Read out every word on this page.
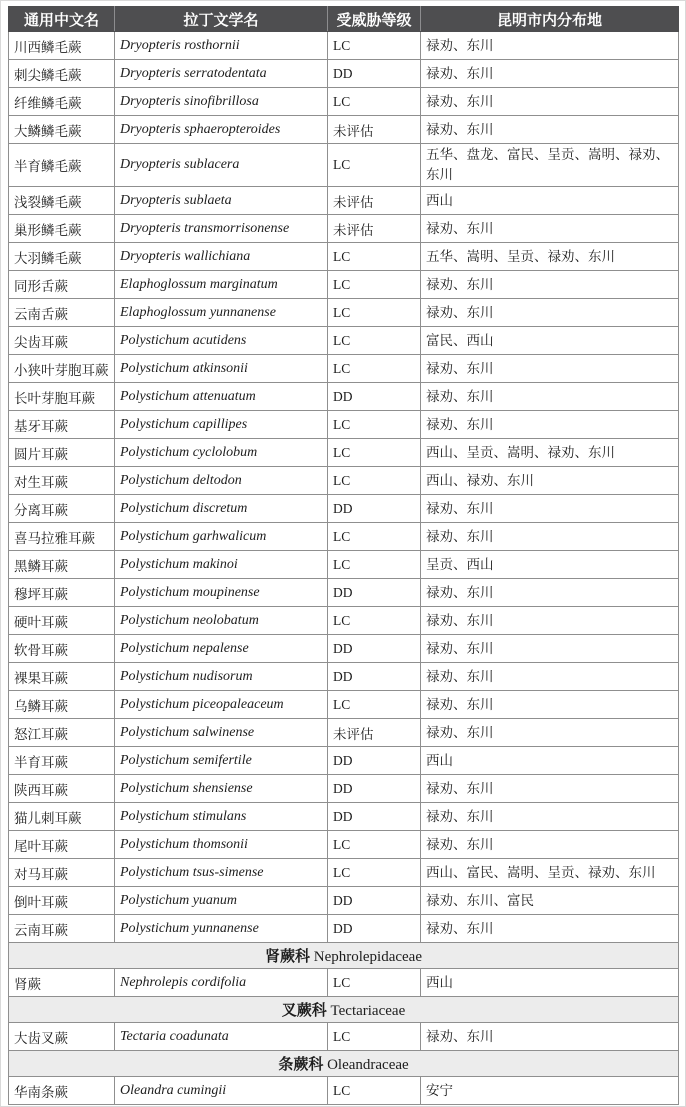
通用中文名	拉丁文学名	受威胁等级	昆明市内分布地
川西鳞毛蕨	Dryopteris rosthornii	LC	禄劝、东川
刺尖鳞毛蕨	Dryopteris serratodentata	DD	禄劝、东川
纤维鳞毛蕨	Dryopteris sinofibrillosa	LC	禄劝、东川
大鳞鳞毛蕨	Dryopteris sphaeropteroides	未评估	禄劝、东川
半育鳞毛蕨	Dryopteris sublacera	LC	五华、盘龙、富民、呈贡、嵩明、禄劝、东川
浅裂鳞毛蕨	Dryopteris sublaeta	未评估	西山
巢形鳞毛蕨	Dryopteris transmorrisonense	未评估	禄劝、东川
大羽鳞毛蕨	Dryopteris wallichiana	LC	五华、嵩明、呈贡、禄劝、东川
同形舌蕨	Elaphoglossum marginatum	LC	禄劝、东川
云南舌蕨	Elaphoglossum yunnanense	LC	禄劝、东川
尖齿耳蕨	Polystichum acutidens	LC	富民、西山
小狭叶芽胞耳蕨	Polystichum atkinsonii	LC	禄劝、东川
长叶芽胞耳蕨	Polystichum attenuatum	DD	禄劝、东川
基牙耳蕨	Polystichum capillipes	LC	禄劝、东川
圆片耳蕨	Polystichum cyclolobum	LC	西山、呈贡、嵩明、禄劝、东川
对生耳蕨	Polystichum deltodon	LC	西山、禄劝、东川
分离耳蕨	Polystichum discretum	DD	禄劝、东川
喜马拉雅耳蕨	Polystichum garhwalicum	LC	禄劝、东川
黑鳞耳蕨	Polystichum makinoi	LC	呈贡、西山
穆坪耳蕨	Polystichum moupinense	DD	禄劝、东川
硬叶耳蕨	Polystichum neolobatum	LC	禄劝、东川
软骨耳蕨	Polystichum nepalense	DD	禄劝、东川
裸果耳蕨	Polystichum nudisorum	DD	禄劝、东川
乌鳞耳蕨	Polystichum piceopaleaceum	LC	禄劝、东川
怒江耳蕨	Polystichum salwinense	未评估	禄劝、东川
半育耳蕨	Polystichum semifertile	DD	西山
陕西耳蕨	Polystichum shensiense	DD	禄劝、东川
猫儿刺耳蕨	Polystichum stimulans	DD	禄劝、东川
尾叶耳蕨	Polystichum thomsonii	LC	禄劝、东川
对马耳蕨	Polystichum tsus-simense	LC	西山、富民、嵩明、呈贡、禄劝、东川
倒叶耳蕨	Polystichum yuanum	DD	禄劝、东川、富民
云南耳蕨	Polystichum yunnanense	DD	禄劝、东川
肾蕨科 Nephrolepidaceae			
肾蕨	Nephrolepis cordifolia	LC	西山
叉蕨科 Tectariaceae			
大齿叉蕨	Tectaria coadunata	LC	禄劝、东川
条蕨科 Oleandraceae			
华南条蕨	Oleandra cumingii	LC	安宁
